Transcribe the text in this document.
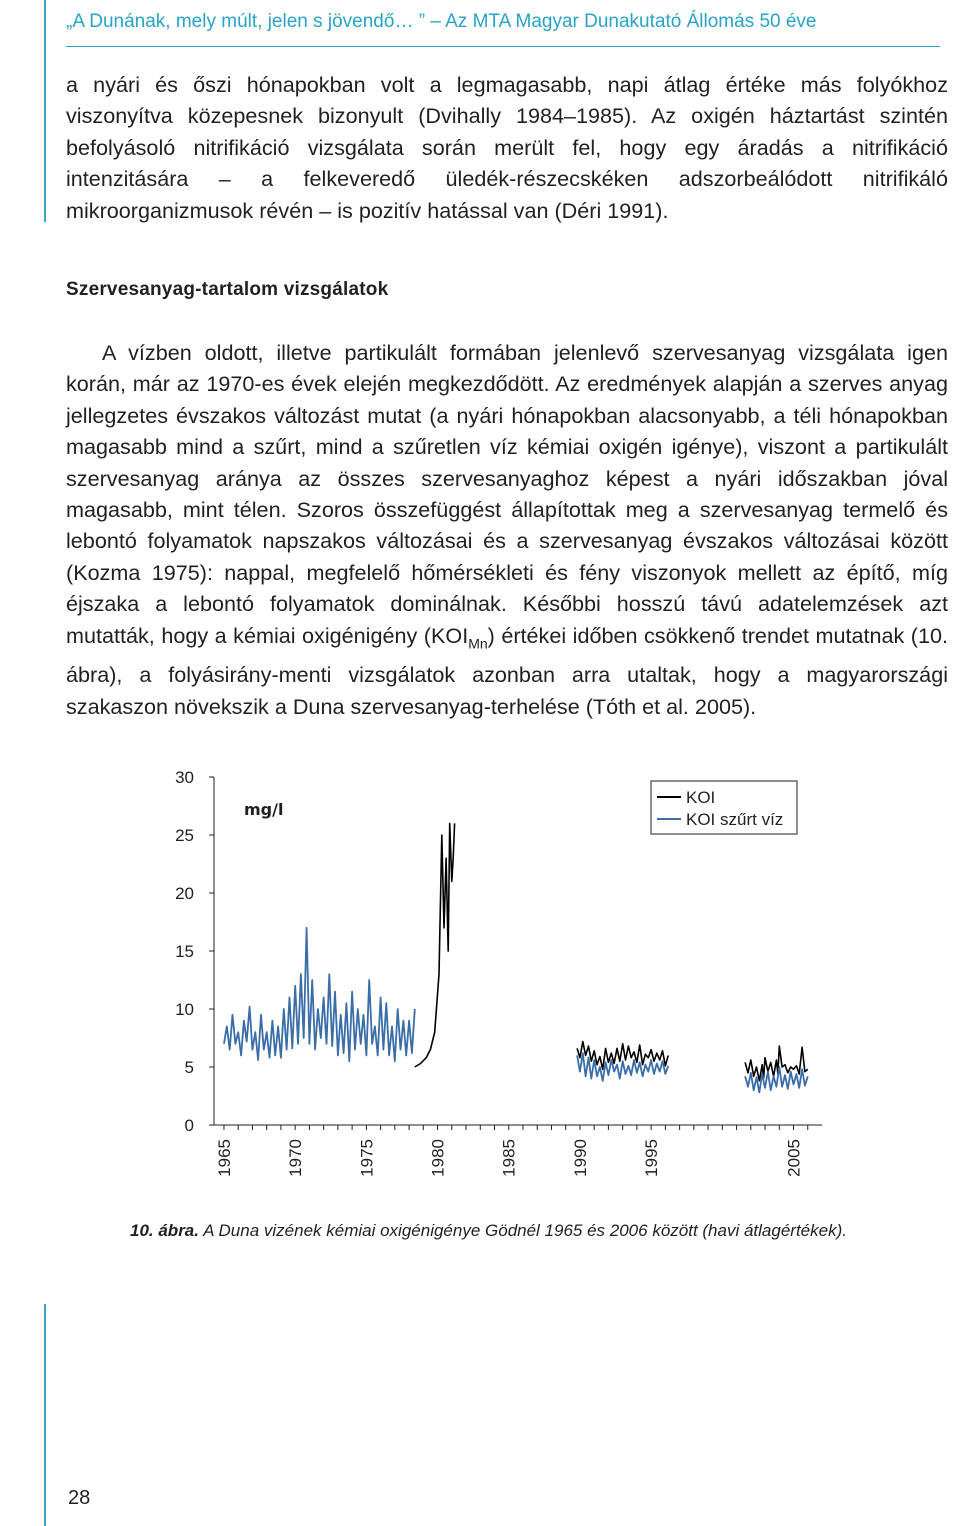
„A Dunának, mely múlt, jelen s jövendő… ” – Az MTA Magyar Dunakutató Állomás 50 éve

a nyári és őszi hónapokban volt a legmagasabb, napi átlag értéke más folyókhoz viszonyítva közepesnek bizonyult (Dvihally 1984–1985). Az oxigén háztartást szintén befolyásoló nitrifikáció vizsgálata során merült fel, hogy egy áradás a nitrifikáció intenzitására – a felkeveredő üledék-részecskéken adszorbeálódott nitrifikáló mikroorganizmusok révén – is pozitív hatással van (Déri 1991).

Szervesanyag-tartalom vizsgálatok

A vízben oldott, illetve partikulált formában jelenlevő szervesanyag vizsgálata igen korán, már az 1970-es évek elején megkezdődött. Az eredmények alapján a szerves anyag jellegzetes évszakos változást mutat (a nyári hónapokban alacsonyabb, a téli hónapokban magasabb mind a szűrt, mind a szűretlen víz kémiai oxigén igénye), viszont a partikulált szervesanyag aránya az összes szervesanyaghoz képest a nyári időszakban jóval magasabb, mint télen. Szoros összefüggést állapítottak meg a szervesanyag termelő és lebontó folyamatok napszakos változásai és a szervesanyag évszakos változásai között (Kozma 1975): nappal, megfelelő hőmérsékleti és fény viszonyok mellett az építő, míg éjszaka a lebontó folyamatok dominálnak. Későbbi hosszú távú adatelemzések azt mutatták, hogy a kémiai oxigénigény $(KOI_{Mn})$ értékei időben csökkenő trendet mutatnak (10. ábra), a folyásirány-menti vizsgálatok azonban arra utaltak, hogy a magyarországi szakaszon növekszik a Duna szervesanyag-terhelése (Tóth et al. 2005).

0
5
10
15
20
25
30
1965	1970	1975	1980	1985	1990	1995	2005
mg/l
KOI
KOI szűrt víz
10. ábra. A Duna vizének kémiai oxigénigénye Gödnél 1965 és 2006 között (havi átlagértékek).
28
